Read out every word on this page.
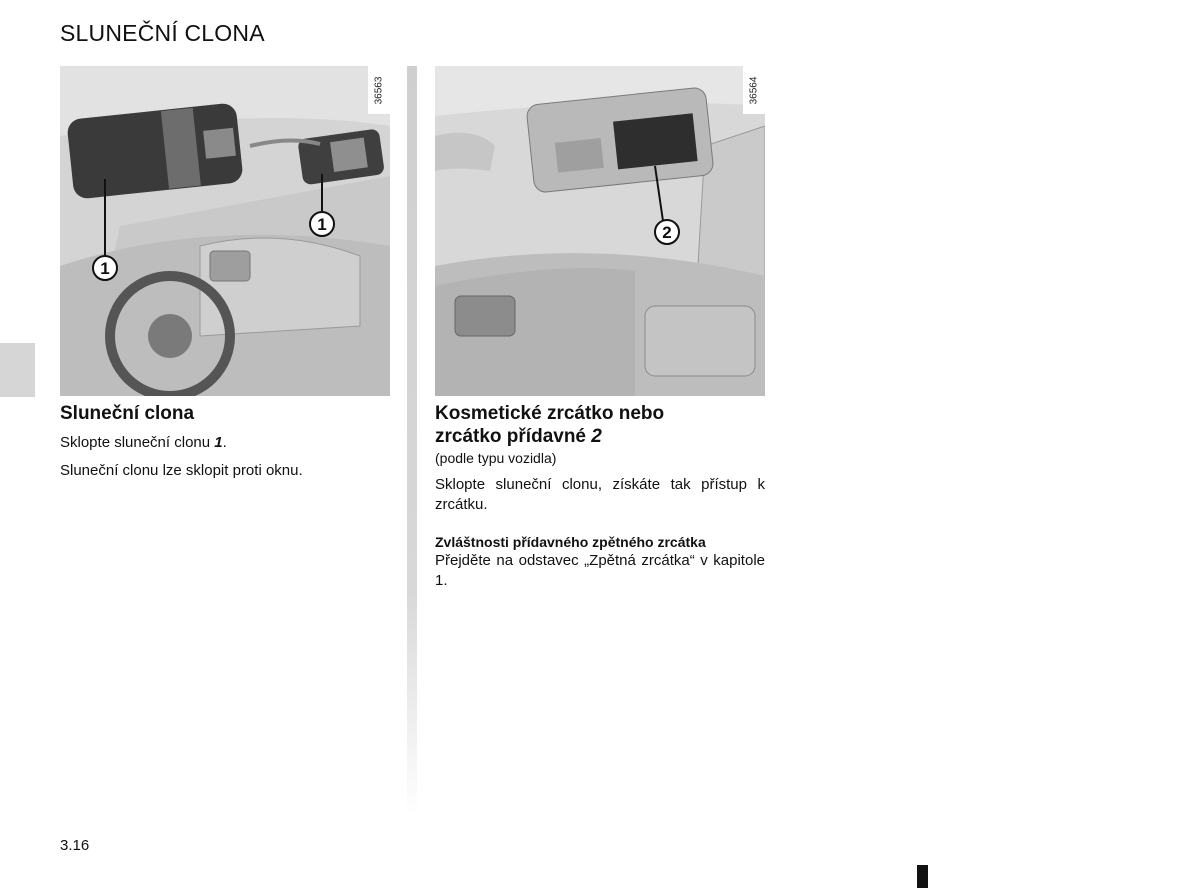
SLUNEČNÍ CLONA
1
1
36563
2
36564
Sluneční clona

Sklopte sluneční clonu 1.

Sluneční clonu lze sklopit proti oknu.

Kosmetické zrcátko nebo
zrcátko přídavné 2

(podle typu vozidla)

Sklopte sluneční clonu, získáte tak přístup k zrcátku.

Zvláštnosti přídavného zpětného zrcátka

Přejděte na odstavec „Zpětná zrcátka“ v kapitole 1.

3.16
